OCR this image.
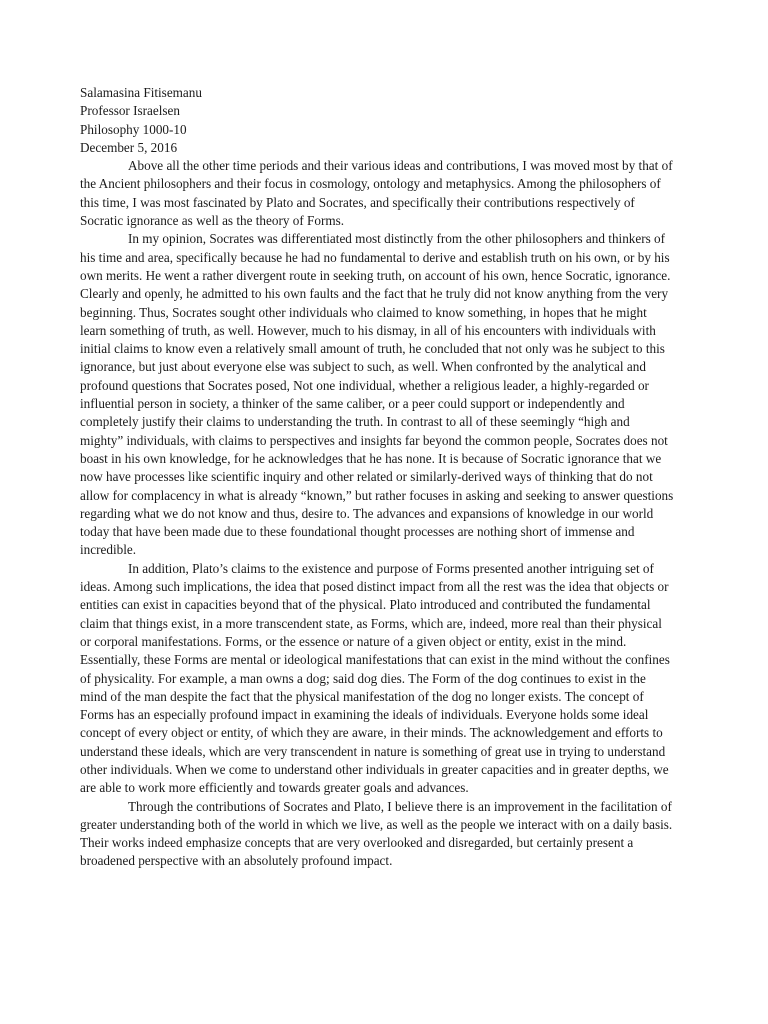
Salamasina Fitisemanu
Professor Israelsen
Philosophy 1000-10
December 5, 2016

Above all the other time periods and their various ideas and contributions, I was moved most by that of the Ancient philosophers and their focus in cosmology, ontology and metaphysics. Among the philosophers of this time, I was most fascinated by Plato and Socrates, and specifically their contributions respectively of Socratic ignorance as well as the theory of Forms.

In my opinion, Socrates was differentiated most distinctly from the other philosophers and thinkers of his time and area, specifically because he had no fundamental to derive and establish truth on his own, or by his own merits. He went a rather divergent route in seeking truth, on account of his own, hence Socratic, ignorance. Clearly and openly, he admitted to his own faults and the fact that he truly did not know anything from the very beginning. Thus, Socrates sought other individuals who claimed to know something, in hopes that he might learn something of truth, as well. However, much to his dismay, in all of his encounters with individuals with initial claims to know even a relatively small amount of truth, he concluded that not only was he subject to this ignorance, but just about everyone else was subject to such, as well. When confronted by the analytical and profound questions that Socrates posed, Not one individual, whether a religious leader, a highly-regarded or influential person in society, a thinker of the same caliber, or a peer could support or independently and completely justify their claims to understanding the truth. In contrast to all of these seemingly “high and mighty” individuals, with claims to perspectives and insights far beyond the common people, Socrates does not boast in his own knowledge, for he acknowledges that he has none. It is because of Socratic ignorance that we now have processes like scientific inquiry and other related or similarly-derived ways of thinking that do not allow for complacency in what is already “known,” but rather focuses in asking and seeking to answer questions regarding what we do not know and thus, desire to. The advances and expansions of knowledge in our world today that have been made due to these foundational thought processes are nothing short of immense and incredible.

In addition, Plato’s claims to the existence and purpose of Forms presented another intriguing set of ideas. Among such implications, the idea that posed distinct impact from all the rest was the idea that objects or entities can exist in capacities beyond that of the physical. Plato introduced and contributed the fundamental claim that things exist, in a more transcendent state, as Forms, which are, indeed, more real than their physical or corporal manifestations. Forms, or the essence or nature of a given object or entity, exist in the mind. Essentially, these Forms are mental or ideological manifestations that can exist in the mind without the confines of physicality. For example, a man owns a dog; said dog dies. The Form of the dog continues to exist in the mind of the man despite the fact that the physical manifestation of the dog no longer exists. The concept of Forms has an especially profound impact in examining the ideals of individuals. Everyone holds some ideal concept of every object or entity, of which they are aware, in their minds. The acknowledgement and efforts to understand these ideals, which are very transcendent in nature is something of great use in trying to understand other individuals. When we come to understand other individuals in greater capacities and in greater depths, we are able to work more efficiently and towards greater goals and advances.

Through the contributions of Socrates and Plato, I believe there is an improvement in the facilitation of greater understanding both of the world in which we live, as well as the people we interact with on a daily basis. Their works indeed emphasize concepts that are very overlooked and disregarded, but certainly present a broadened perspective with an absolutely profound impact.
